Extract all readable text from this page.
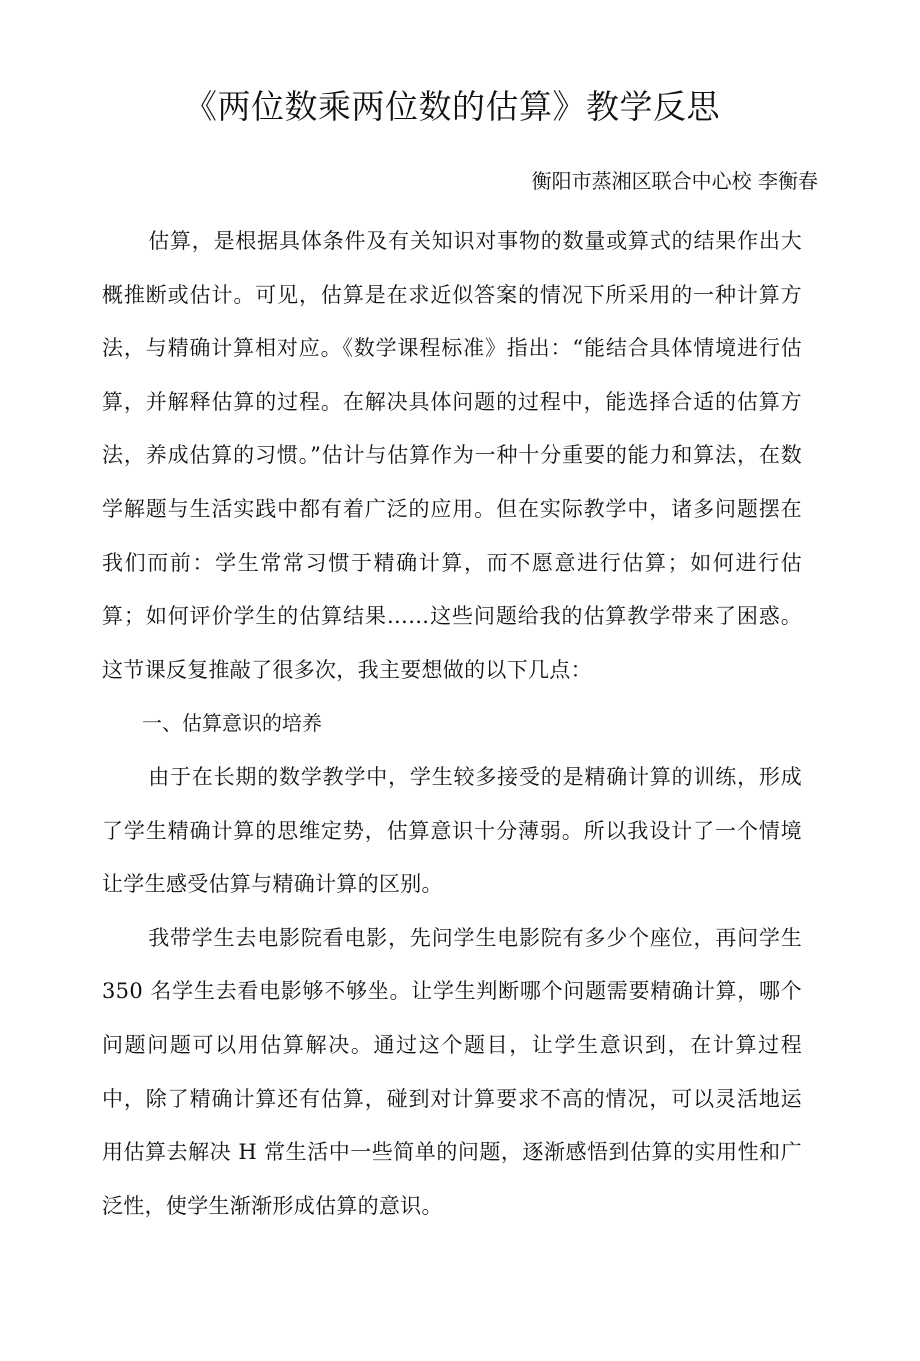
《两位数乘两位数的估算》教学反思

衡阳市蒸湘区联合中心校 李衡春

估算，是根据具体条件及有关知识对事物的数量或算式的结果作出大概推断或估计。可见，估算是在求近似答案的情况下所采用的一种计算方法，与精确计算相对应。《数学课程标准》指出：“能结合具体情境进行估算，并解释估算的过程。在解决具体问题的过程中，能选择合适的估算方法，养成估算的习惯。”估计与估算作为一种十分重要的能力和算法，在数学解题与生活实践中都有着广泛的应用。但在实际教学中，诸多问题摆在我们而前：学生常常习惯于精确计算，而不愿意进行估算；如何进行估算；如何评价学生的估算结果……这些问题给我的估算教学带来了困惑。这节课反复推敲了很多次，我主要想做的以下几点：

一、估算意识的培养

由于在长期的数学教学中，学生较多接受的是精确计算的训练，形成了学生精确计算的思维定势，估算意识十分薄弱。所以我设计了一个情境让学生感受估算与精确计算的区别。

我带学生去电影院看电影，先问学生电影院有多少个座位，再问学生 350 名学生去看电影够不够坐。让学生判断哪个问题需要精确计算，哪个问题问题可以用估算解决。通过这个题目，让学生意识到，在计算过程中，除了精确计算还有估算，碰到对计算要求不高的情况，可以灵活地运用估算去解决 H 常生活中一些简单的问题，逐渐感悟到估算的实用性和广泛性，使学生渐渐形成估算的意识。
